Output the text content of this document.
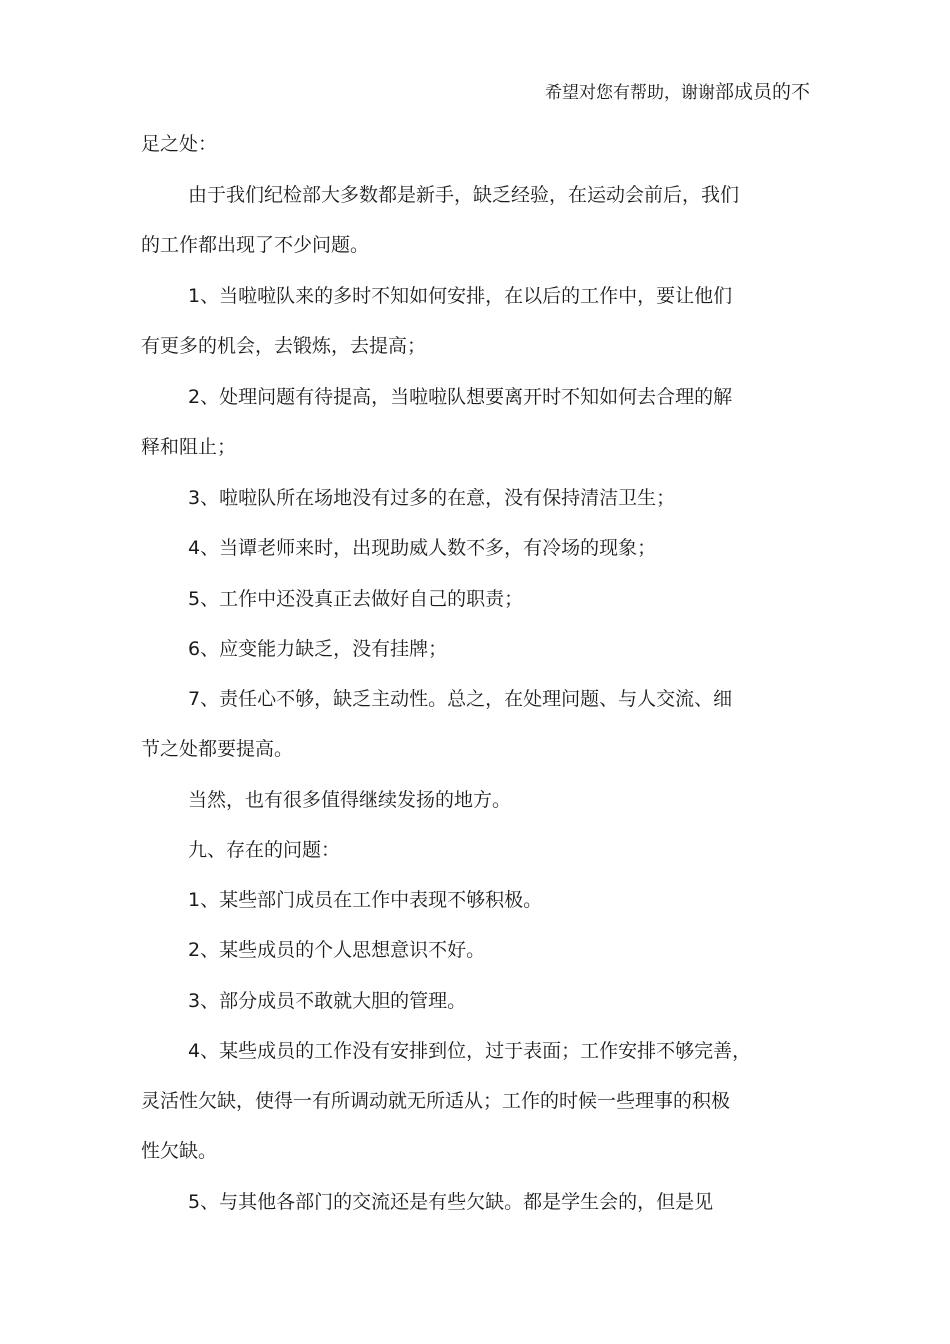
希望对您有帮助，谢谢部成员的不
足之处：
由于我们纪检部大多数都是新手，缺乏经验，在运动会前后，我们
的工作都出现了不少问题。
1、当啦啦队来的多时不知如何安排，在以后的工作中，要让他们
有更多的机会，去锻炼，去提高；
2、处理问题有待提高，当啦啦队想要离开时不知如何去合理的解
释和阻止；
3、啦啦队所在场地没有过多的在意，没有保持清洁卫生；
4、当谭老师来时，出现助威人数不多，有冷场的现象；
5、工作中还没真正去做好自己的职责；
6、应变能力缺乏，没有挂牌；
7、责任心不够，缺乏主动性。总之，在处理问题、与人交流、细
节之处都要提高。
当然，也有很多值得继续发扬的地方。
九、存在的问题：
1、某些部门成员在工作中表现不够积极。
2、某些成员的个人思想意识不好。
3、部分成员不敢就大胆的管理。
4、某些成员的工作没有安排到位，过于表面；工作安排不够完善，
灵活性欠缺，使得一有所调动就无所适从；工作的时候一些理事的积极
性欠缺。
5、与其他各部门的交流还是有些欠缺。都是学生会的，但是见
